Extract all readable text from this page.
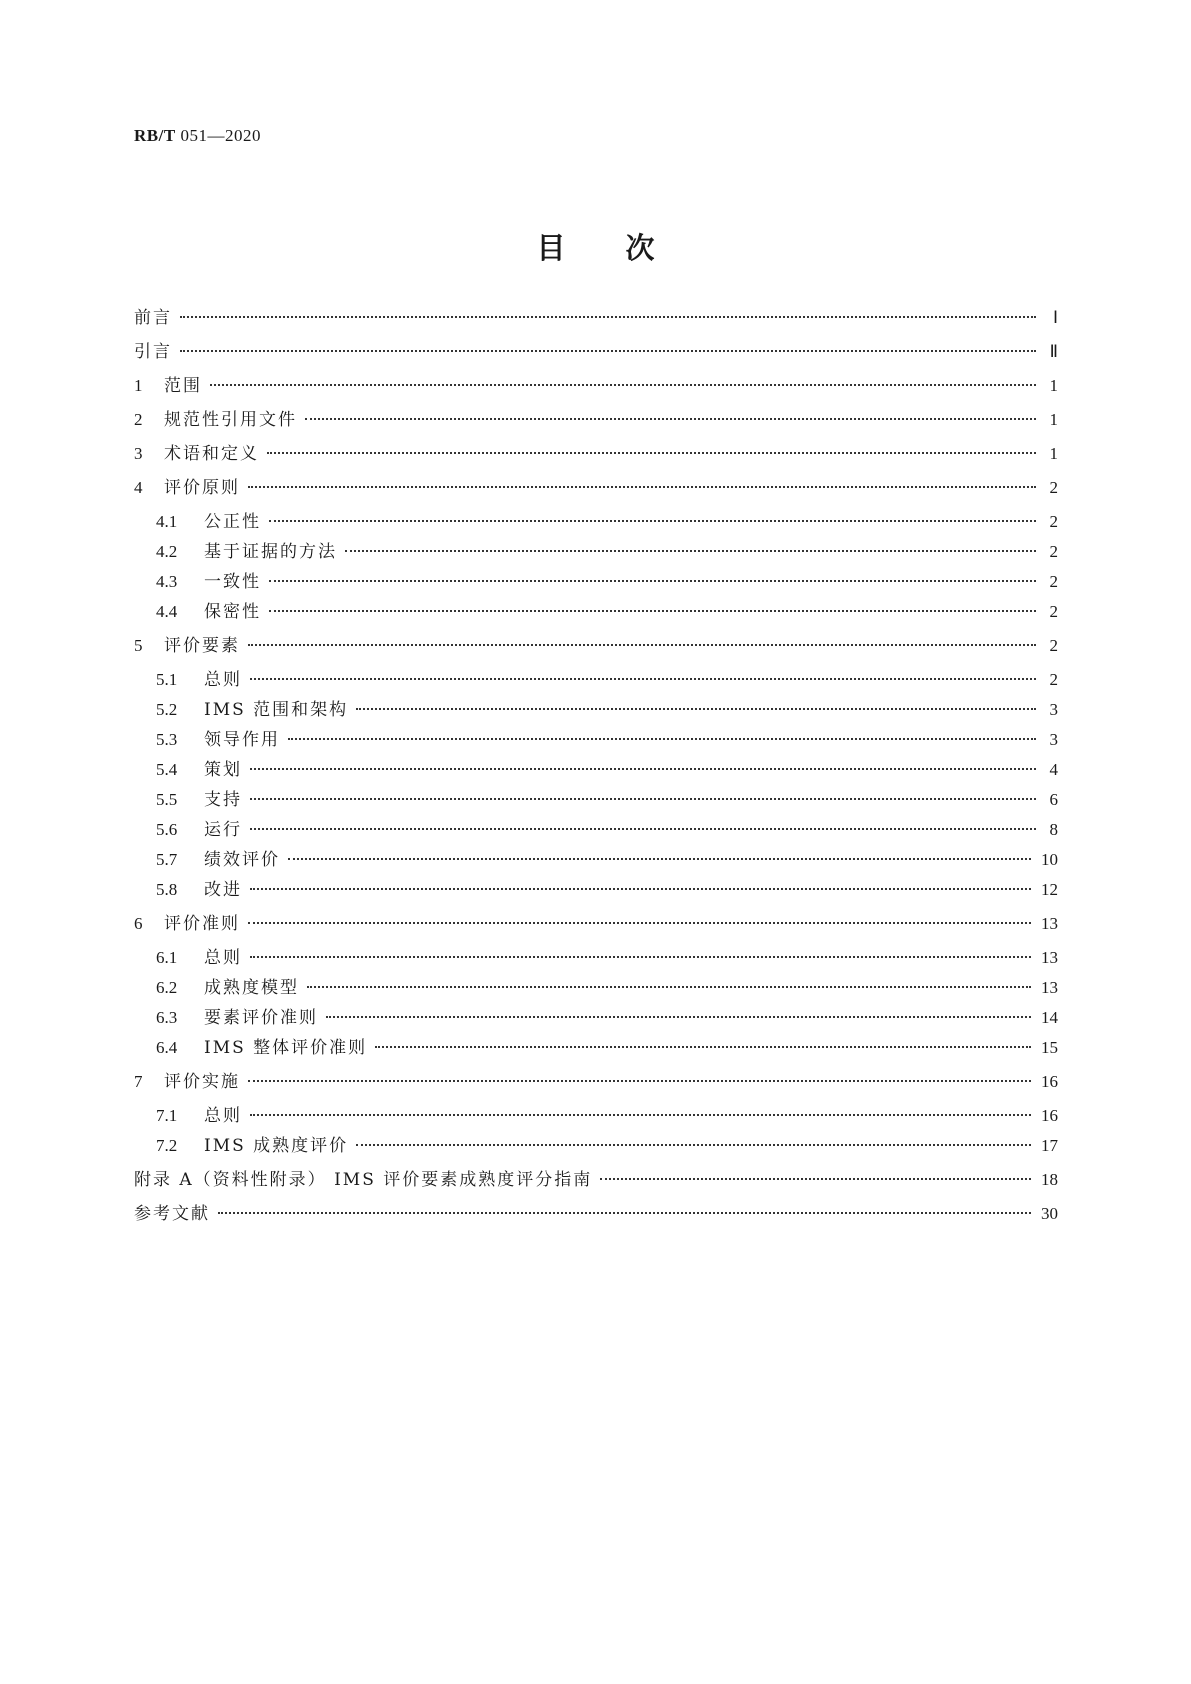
RB/T 051—2020
目次
前言	Ⅰ
引言	Ⅱ
1	范围	1
2	规范性引用文件	1
3	术语和定义	1
4	评价原则	2
4.1	公正性	2
4.2	基于证据的方法	2
4.3	一致性	2
4.4	保密性	2
5	评价要素	2
5.1	总则	2
5.2	IMS 范围和架构	3
5.3	领导作用	3
5.4	策划	4
5.5	支持	6
5.6	运行	8
5.7	绩效评价	10
5.8	改进	12
6	评价准则	13
6.1	总则	13
6.2	成熟度模型	13
6.3	要素评价准则	14
6.4	IMS 整体评价准则	15
7	评价实施	16
7.1	总则	16
7.2	IMS 成熟度评价	17
附录 A（资料性附录） IMS 评价要素成熟度评分指南	18
参考文献	30
